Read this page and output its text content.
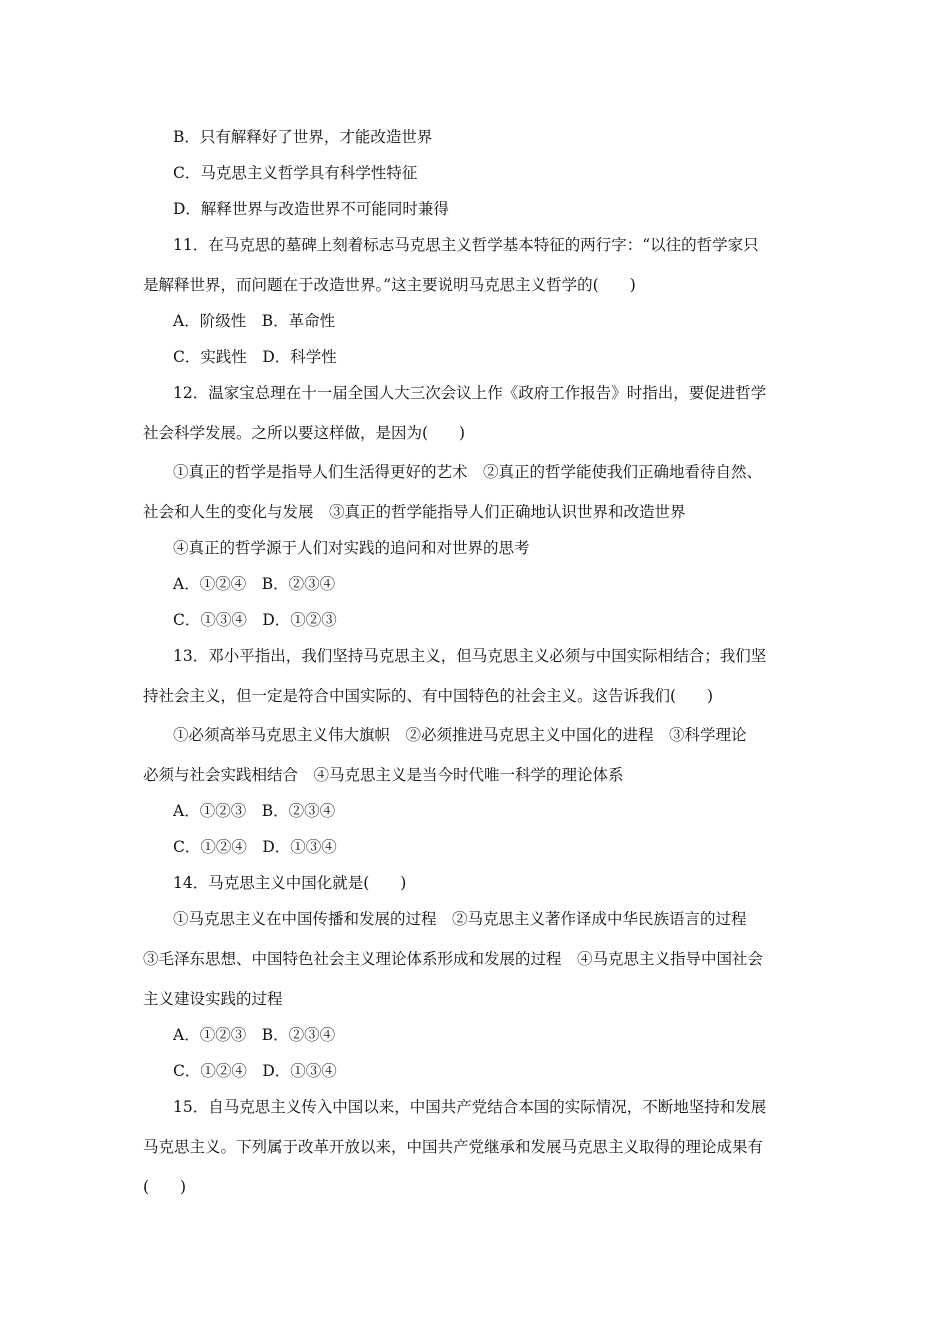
B．只有解释好了世界，才能改造世界
C．马克思主义哲学具有科学性特征
D．解释世界与改造世界不可能同时兼得
11．在马克思的墓碑上刻着标志马克思主义哲学基本特征的两行字：“以往的哲学家只
是解释世界，而问题在于改造世界。”这主要说明马克思主义哲学的(　　)
A．阶级性　B．革命性
C．实践性　D．科学性
12．温家宝总理在十一届全国人大三次会议上作《政府工作报告》时指出，要促进哲学
社会科学发展。之所以要这样做，是因为(　　)
①真正的哲学是指导人们生活得更好的艺术　②真正的哲学能使我们正确地看待自然、
社会和人生的变化与发展　③真正的哲学能指导人们正确地认识世界和改造世界
④真正的哲学源于人们对实践的追问和对世界的思考
A．①②④　B．②③④
C．①③④　D．①②③
13．邓小平指出，我们坚持马克思主义，但马克思主义必须与中国实际相结合；我们坚
持社会主义，但一定是符合中国实际的、有中国特色的社会主义。这告诉我们(　　)
①必须高举马克思主义伟大旗帜　②必须推进马克思主义中国化的进程　③科学理论
必须与社会实践相结合　④马克思主义是当今时代唯一科学的理论体系
A．①②③　B．②③④
C．①②④　D．①③④
14．马克思主义中国化就是(　　)
①马克思主义在中国传播和发展的过程　②马克思主义著作译成中华民族语言的过程
③毛泽东思想、中国特色社会主义理论体系形成和发展的过程　④马克思主义指导中国社会
主义建设实践的过程
A．①②③　B．②③④
C．①②④　D．①③④
15．自马克思主义传入中国以来，中国共产党结合本国的实际情况，不断地坚持和发展
马克思主义。下列属于改革开放以来，中国共产党继承和发展马克思主义取得的理论成果有
(　　)
